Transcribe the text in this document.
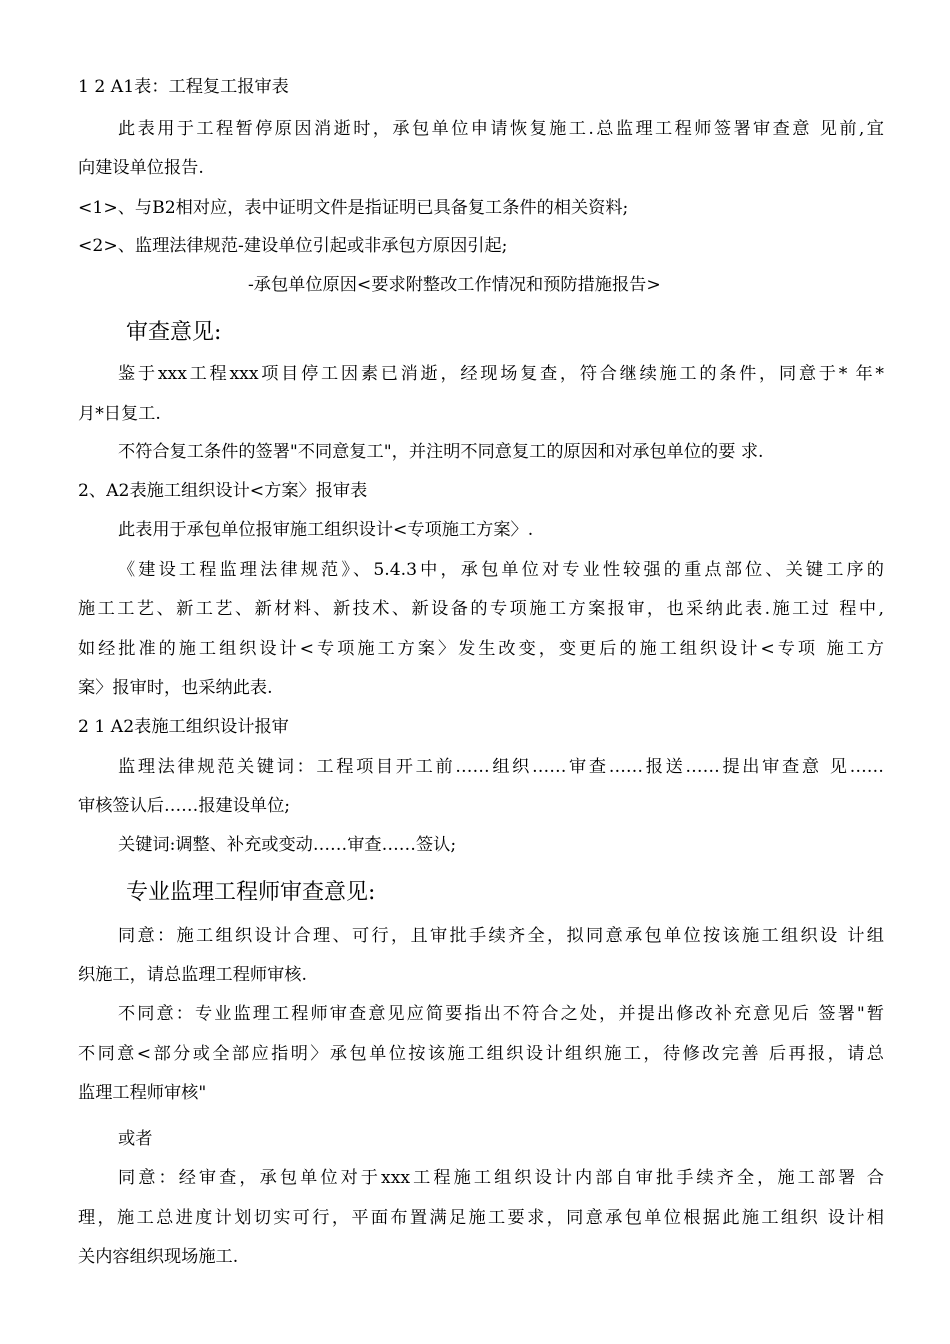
1 2 A1表：工程复工报审表
此表用于工程暂停原因消逝时，承包单位申请恢复施工.总监理工程师签署审查意 见前,宜
向建设单位报告.
<1>、与B2相对应，表中证明文件是指证明已具备复工条件的相关资料;
<2>、监理法律规范-建设单位引起或非承包方原因引起;
-承包单位原因<要求附整改工作情况和预防措施报告>
审查意见:
鉴于xxx工程xxx项目停工因素已消逝，经现场复查，符合继续施工的条件，同意于* 年*
月*日复工.
不符合复工条件的签署"不同意复工"，并注明不同意复工的原因和对承包单位的要 求.
2、A2表施工组织设计<方案〉报审表
此表用于承包单位报审施工组织设计<专项施工方案〉.
《建设工程监理法律规范》、5.4.3中，承包单位对专业性较强的重点部位、关键工序的
施工工艺、新工艺、新材料、新技术、新设备的专项施工方案报审，也采纳此表.施工过 程中,
如经批准的施工组织设计<专项施工方案〉发生改变，变更后的施工组织设计<专项 施工方
案〉报审时，也采纳此表.
2 1 A2表施工组织设计报审
监理法律规范关键词：工程项目开工前……组织……审查……报送……提出审查意 见……
审核签认后……报建设单位;
关键词:调整、补充或变动……审查……签认;
专业监理工程师审查意见:
同意：施工组织设计合理、可行，且审批手续齐全，拟同意承包单位按该施工组织设 计组
织施工，请总监理工程师审核.
不同意：专业监理工程师审查意见应简要指出不符合之处，并提出修改补充意见后 签署"暂
不同意<部分或全部应指明〉承包单位按该施工组织设计组织施工，待修改完善 后再报，请总
监理工程师审核"
或者
同意：经审查，承包单位对于xxx工程施工组织设计内部自审批手续齐全，施工部署 合
理，施工总进度计划切实可行，平面布置满足施工要求，同意承包单位根据此施工组织 设计相
关内容组织现场施工.
